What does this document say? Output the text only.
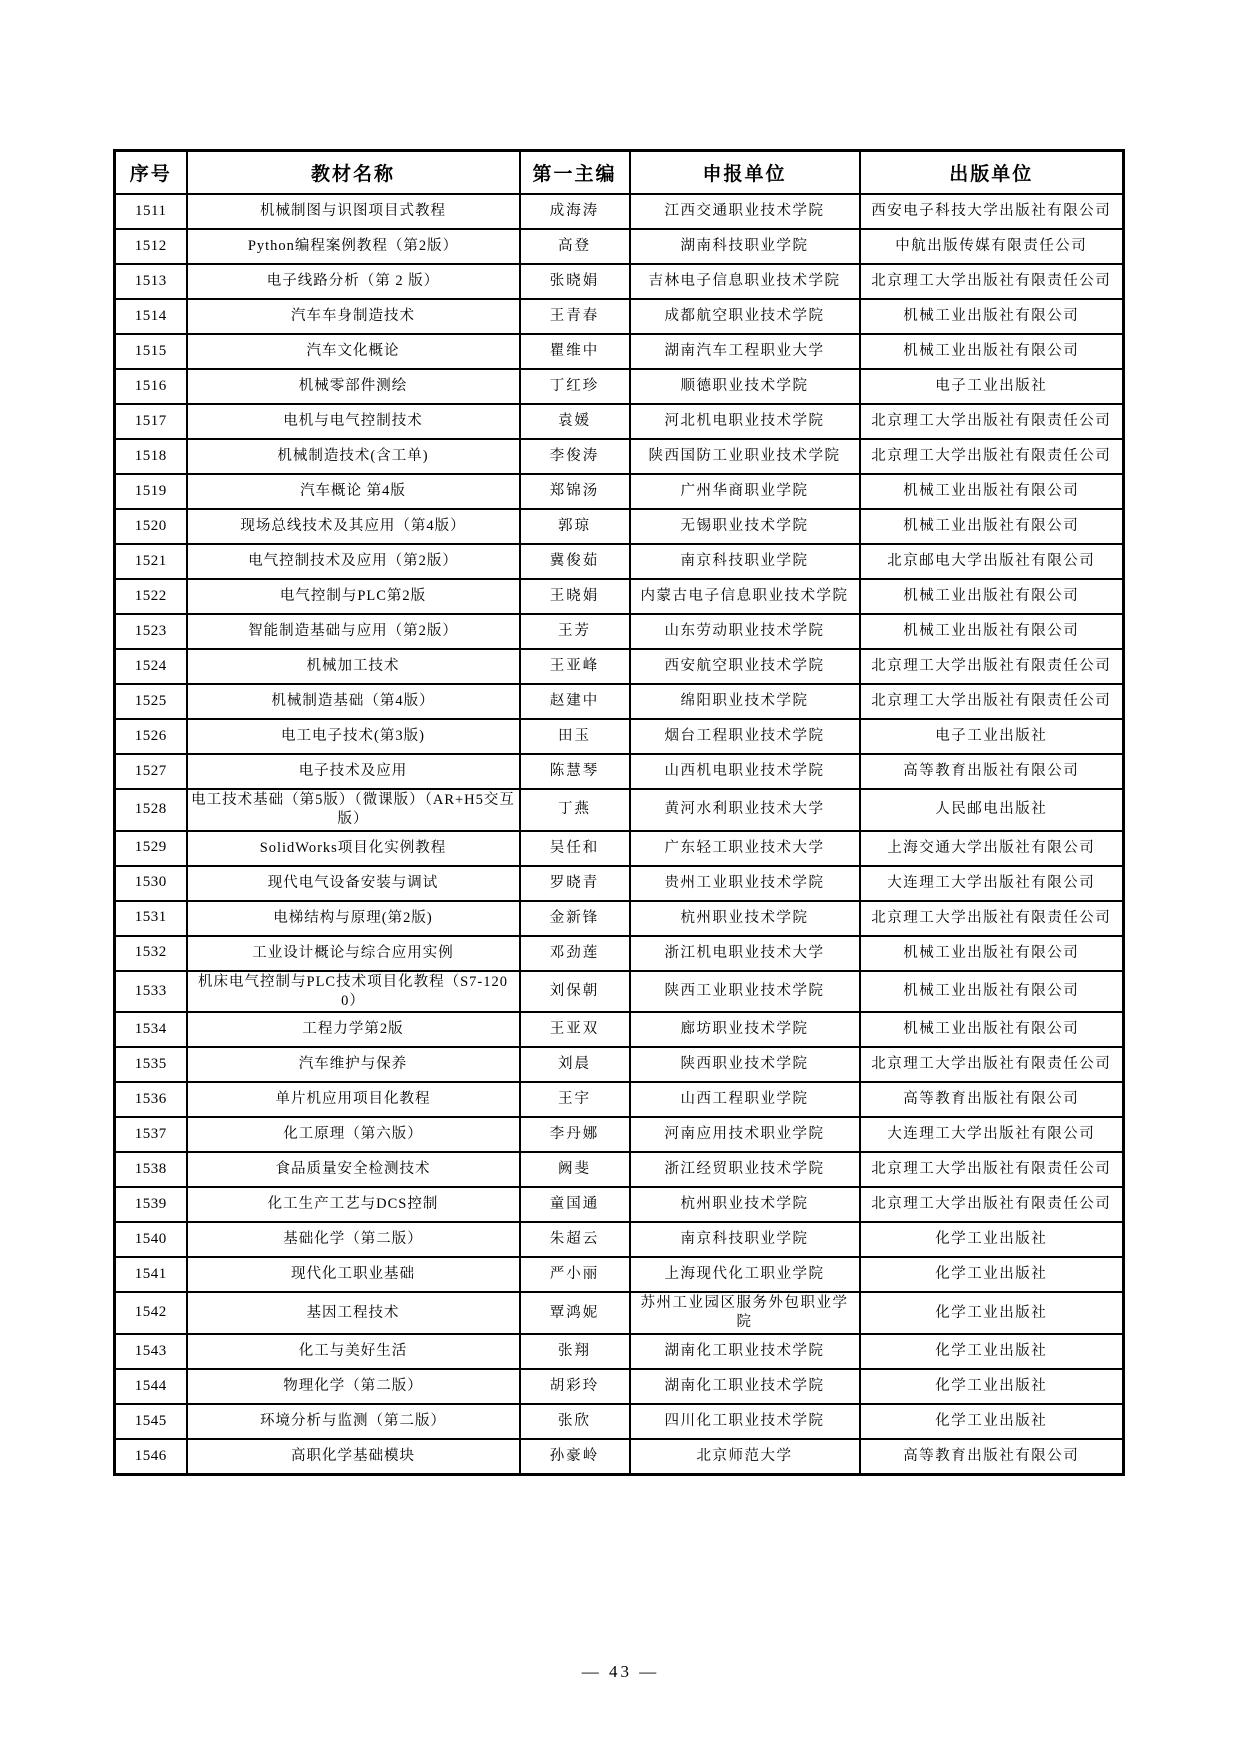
序号	教材名称	第一主编	申报单位	出版单位
1511	机械制图与识图项目式教程	成海涛	江西交通职业技术学院	西安电子科技大学出版社有限公司
1512	Python编程案例教程（第2版）	高登	湖南科技职业学院	中航出版传媒有限责任公司
1513	电子线路分析（第 2 版）	张晓娟	吉林电子信息职业技术学院	北京理工大学出版社有限责任公司
1514	汽车车身制造技术	王青春	成都航空职业技术学院	机械工业出版社有限公司
1515	汽车文化概论	瞿维中	湖南汽车工程职业大学	机械工业出版社有限公司
1516	机械零部件测绘	丁红珍	顺德职业技术学院	电子工业出版社
1517	电机与电气控制技术	袁媛	河北机电职业技术学院	北京理工大学出版社有限责任公司
1518	机械制造技术(含工单)	李俊涛	陕西国防工业职业技术学院	北京理工大学出版社有限责任公司
1519	汽车概论 第4版	郑锦汤	广州华商职业学院	机械工业出版社有限公司
1520	现场总线技术及其应用（第4版）	郭琼	无锡职业技术学院	机械工业出版社有限公司
1521	电气控制技术及应用（第2版）	冀俊茹	南京科技职业学院	北京邮电大学出版社有限公司
1522	电气控制与PLC第2版	王晓娟	内蒙古电子信息职业技术学院	机械工业出版社有限公司
1523	智能制造基础与应用（第2版）	王芳	山东劳动职业技术学院	机械工业出版社有限公司
1524	机械加工技术	王亚峰	西安航空职业技术学院	北京理工大学出版社有限责任公司
1525	机械制造基础（第4版）	赵建中	绵阳职业技术学院	北京理工大学出版社有限责任公司
1526	电工电子技术(第3版)	田玉	烟台工程职业技术学院	电子工业出版社
1527	电子技术及应用	陈慧琴	山西机电职业技术学院	高等教育出版社有限公司
1528	电工技术基础（第5版）（微课版）（AR+H5交互版）	丁燕	黄河水利职业技术大学	人民邮电出版社
1529	SolidWorks项目化实例教程	吴任和	广东轻工职业技术大学	上海交通大学出版社有限公司
1530	现代电气设备安装与调试	罗晓青	贵州工业职业技术学院	大连理工大学出版社有限公司
1531	电梯结构与原理(第2版)	金新锋	杭州职业技术学院	北京理工大学出版社有限责任公司
1532	工业设计概论与综合应用实例	邓劲莲	浙江机电职业技术大学	机械工业出版社有限公司
1533	机床电气控制与PLC技术项目化教程（S7-1200）	刘保朝	陕西工业职业技术学院	机械工业出版社有限公司
1534	工程力学第2版	王亚双	廊坊职业技术学院	机械工业出版社有限公司
1535	汽车维护与保养	刘晨	陕西职业技术学院	北京理工大学出版社有限责任公司
1536	单片机应用项目化教程	王宇	山西工程职业学院	高等教育出版社有限公司
1537	化工原理（第六版）	李丹娜	河南应用技术职业学院	大连理工大学出版社有限公司
1538	食品质量安全检测技术	阙斐	浙江经贸职业技术学院	北京理工大学出版社有限责任公司
1539	化工生产工艺与DCS控制	童国通	杭州职业技术学院	北京理工大学出版社有限责任公司
1540	基础化学（第二版）	朱超云	南京科技职业学院	化学工业出版社
1541	现代化工职业基础	严小丽	上海现代化工职业学院	化学工业出版社
1542	基因工程技术	覃鸿妮	苏州工业园区服务外包职业学院	化学工业出版社
1543	化工与美好生活	张翔	湖南化工职业技术学院	化学工业出版社
1544	物理化学（第二版）	胡彩玲	湖南化工职业技术学院	化学工业出版社
1545	环境分析与监测（第二版）	张欣	四川化工职业技术学院	化学工业出版社
1546	高职化学基础模块	孙豪岭	北京师范大学	高等教育出版社有限公司
— 43 —
